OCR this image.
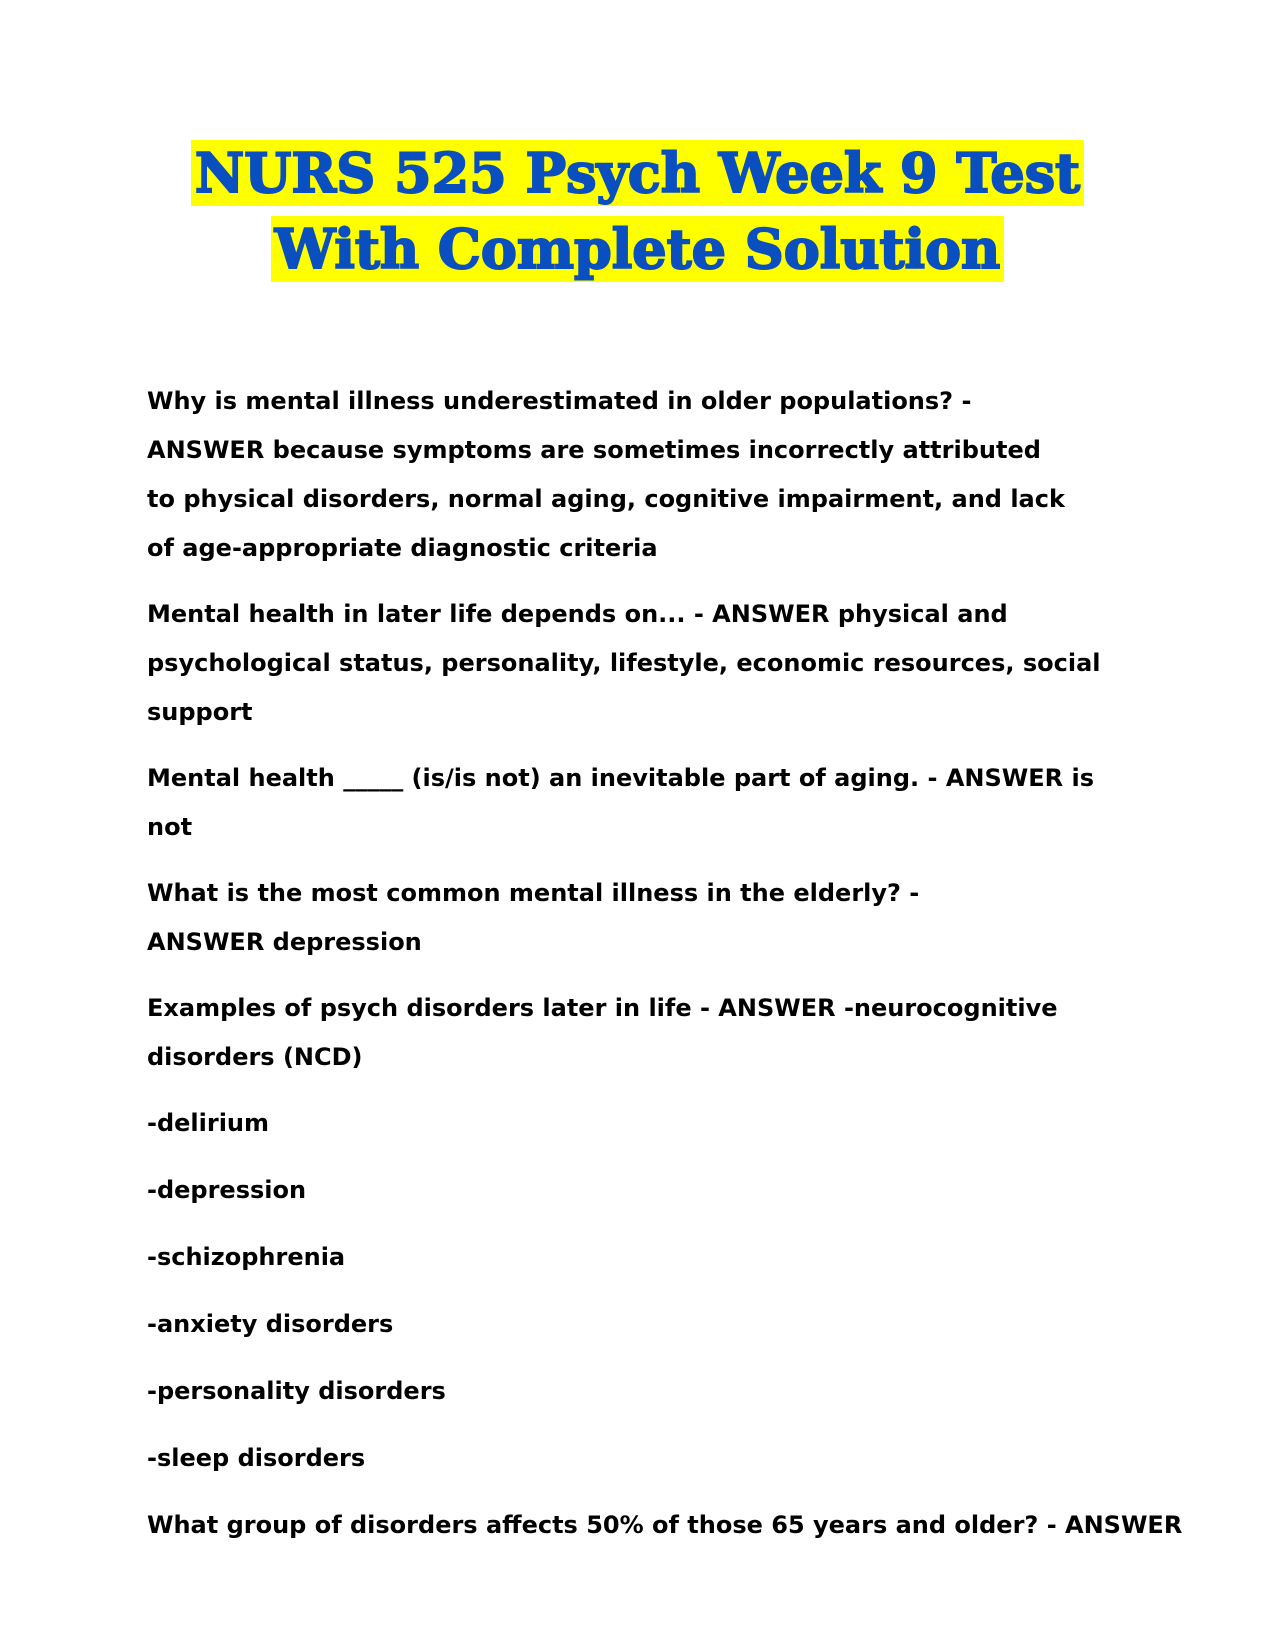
NURS 525 Psych Week 9 Test
With Complete Solution

Why is mental illness underestimated in older populations? - ANSWER because symptoms are sometimes incorrectly attributed to physical disorders, normal aging, cognitive impairment, and lack of age-appropriate diagnostic criteria

Mental health in later life depends on... - ANSWER physical and psychological status, personality, lifestyle, economic resources, social support

Mental health _____ (is/is not) an inevitable part of aging. - ANSWER is not

What is the most common mental illness in the elderly? - ANSWER depression

Examples of psych disorders later in life - ANSWER -neurocognitive disorders (NCD)

-delirium

-depression

-schizophrenia

-anxiety disorders

-personality disorders

-sleep disorders

What group of disorders affects 50% of those 65 years and older? - ANSWER
